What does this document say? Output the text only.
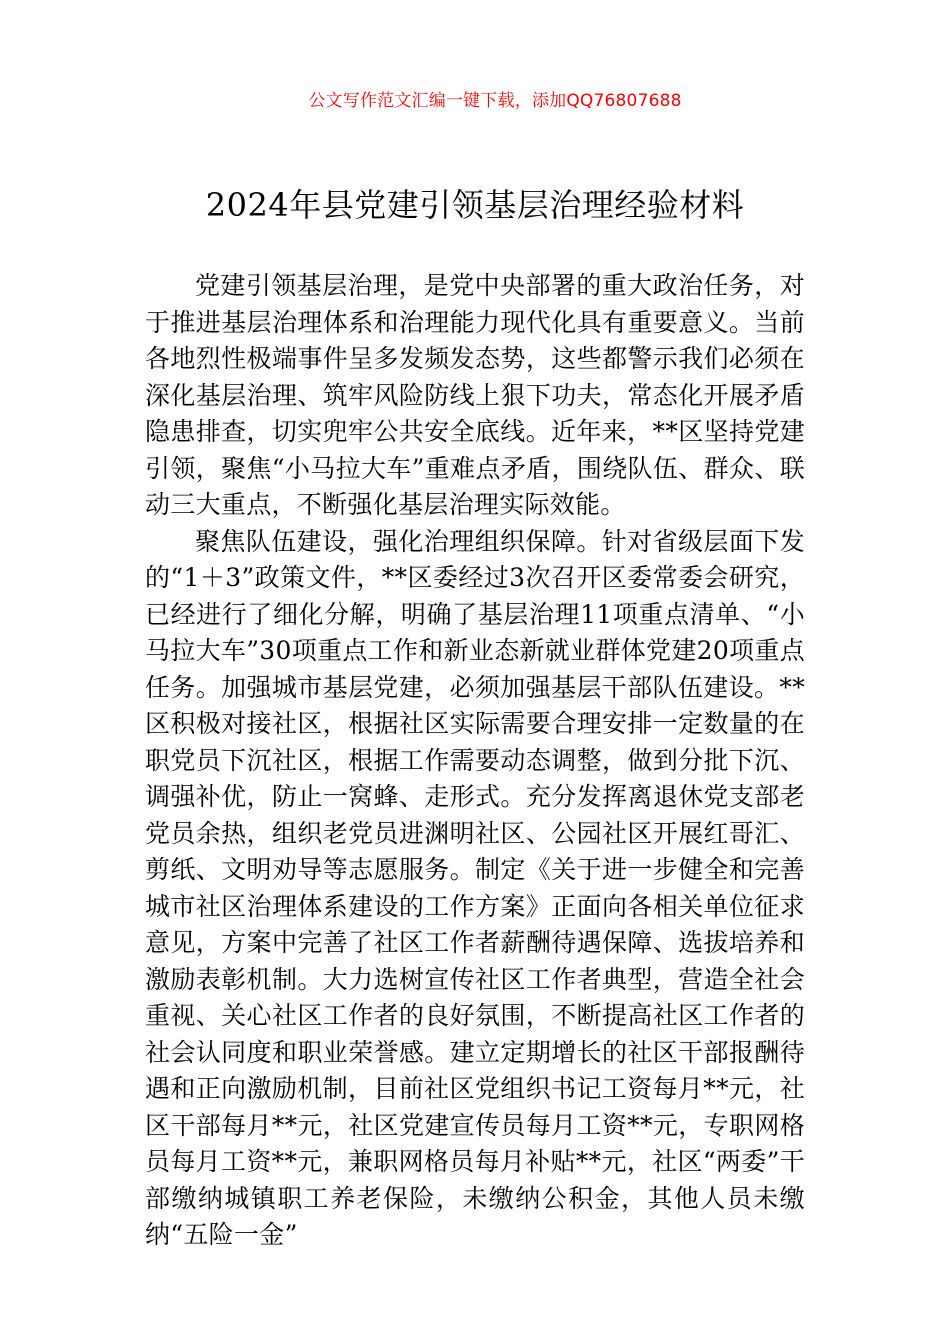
公文写作范文汇编一键下载，添加QQ76807688
2024年县党建引领基层治理经验材料

党建引领基层治理，是党中央部署的重大政治任务，对于推进基层治理体系和治理能力现代化具有重要意义。当前各地烈性极端事件呈多发频发态势，这些都警示我们必须在深化基层治理、筑牢风险防线上狠下功夫，常态化开展矛盾隐患排查，切实兜牢公共安全底线。近年来，**区坚持党建引领，聚焦“小马拉大车”重难点矛盾，围绕队伍、群众、联动三大重点，不断强化基层治理实际效能。

聚焦队伍建设，强化治理组织保障。针对省级层面下发的“1＋3”政策文件，**区委经过3次召开区委常委会研究，已经进行了细化分解，明确了基层治理11项重点清单、“小马拉大车”30项重点工作和新业态新就业群体党建20项重点任务。加强城市基层党建，必须加强基层干部队伍建设。**区积极对接社区，根据社区实际需要合理安排一定数量的在职党员下沉社区，根据工作需要动态调整，做到分批下沉、调强补优，防止一窝蜂、走形式。充分发挥离退休党支部老党员余热，组织老党员进渊明社区、公园社区开展红哥汇、剪纸、文明劝导等志愿服务。制定《关于进一步健全和完善城市社区治理体系建设的工作方案》正面向各相关单位征求意见，方案中完善了社区工作者薪酬待遇保障、选拔培养和激励表彰机制。大力选树宣传社区工作者典型，营造全社会重视、关心社区工作者的良好氛围，不断提高社区工作者的社会认同度和职业荣誉感。建立定期增长的社区干部报酬待遇和正向激励机制，目前社区党组织书记工资每月**元，社区干部每月**元，社区党建宣传员每月工资**元，专职网格员每月工资**元，兼职网格员每月补贴**元，社区“两委”干部缴纳城镇职工养老保险，未缴纳公积金，其他人员未缴纳“五险一金”
